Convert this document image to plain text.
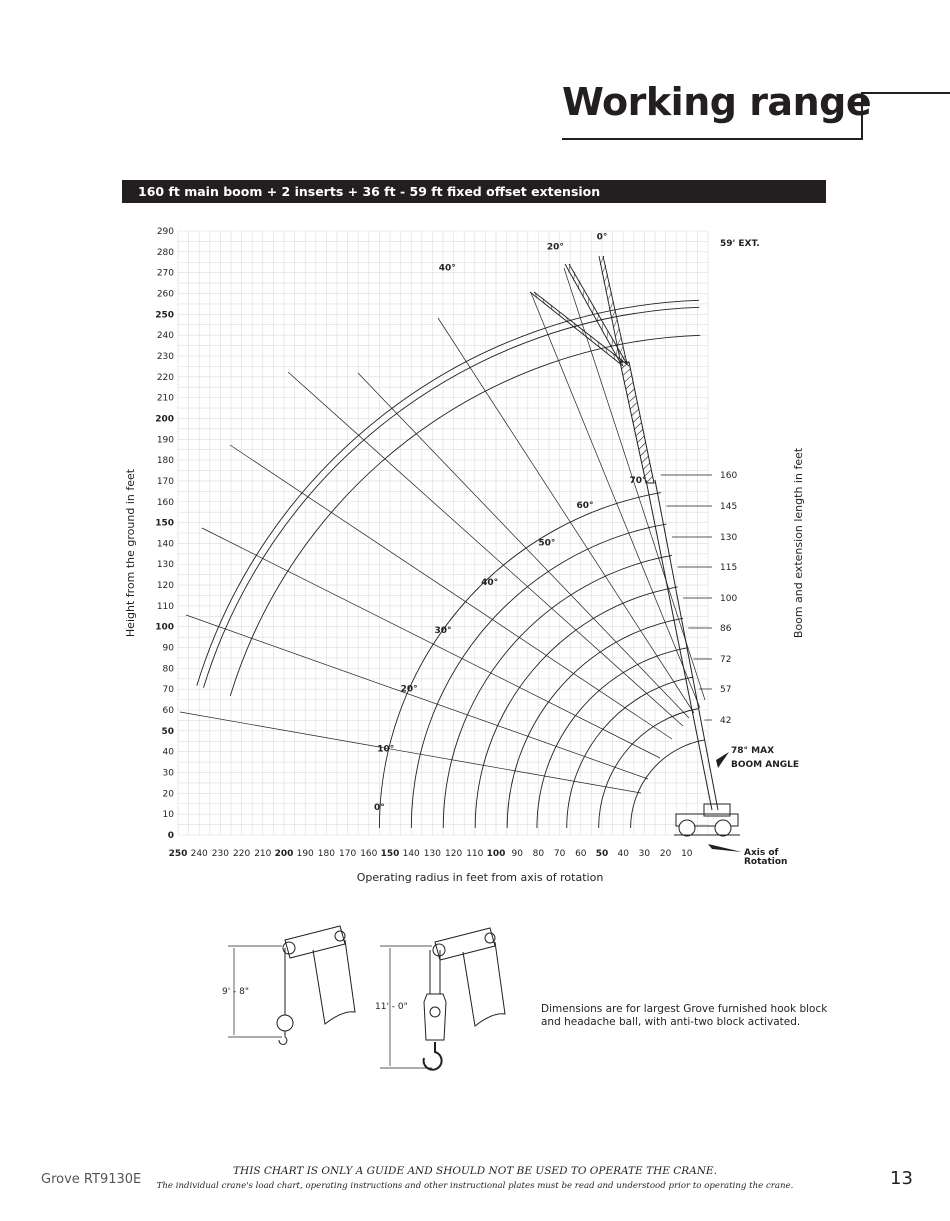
Working range
160 ft main boom + 2 inserts + 36 ft - 59 ft fixed offset extension
0
10
20
30
40
50
60
70
80
90
100
110
120
130
140
150
160
170
180
190
200
210
220
230
240
250
260
270
280
290
250 240 230 220 210 200 190 180 170 160 150 140 130 120 110 100 90 80 70 60 50 40 30 20 10
Operating radius in feet from axis of rotation
Height from the ground in feet	Boom and extension length in feet
160
145
130
115
100
86
72
57
42
59' EXT.
0°
10°
20°
30°
40°
50°
60°
70°
0°
20°
40°
78° MAX
BOOM ANGLE
Axis of
Rotation
Dimensions are for largest Grove furnished hook block and headache ball, with anti-two block activated.
9' - 8"
11' - 0"
Grove RT9130E
THIS CHART IS ONLY A GUIDE AND SHOULD NOT BE USED TO OPERATE THE CRANE.
The individual crane's load chart, operating instructions and other instructional plates must be read and understood prior to operating the crane.	13
